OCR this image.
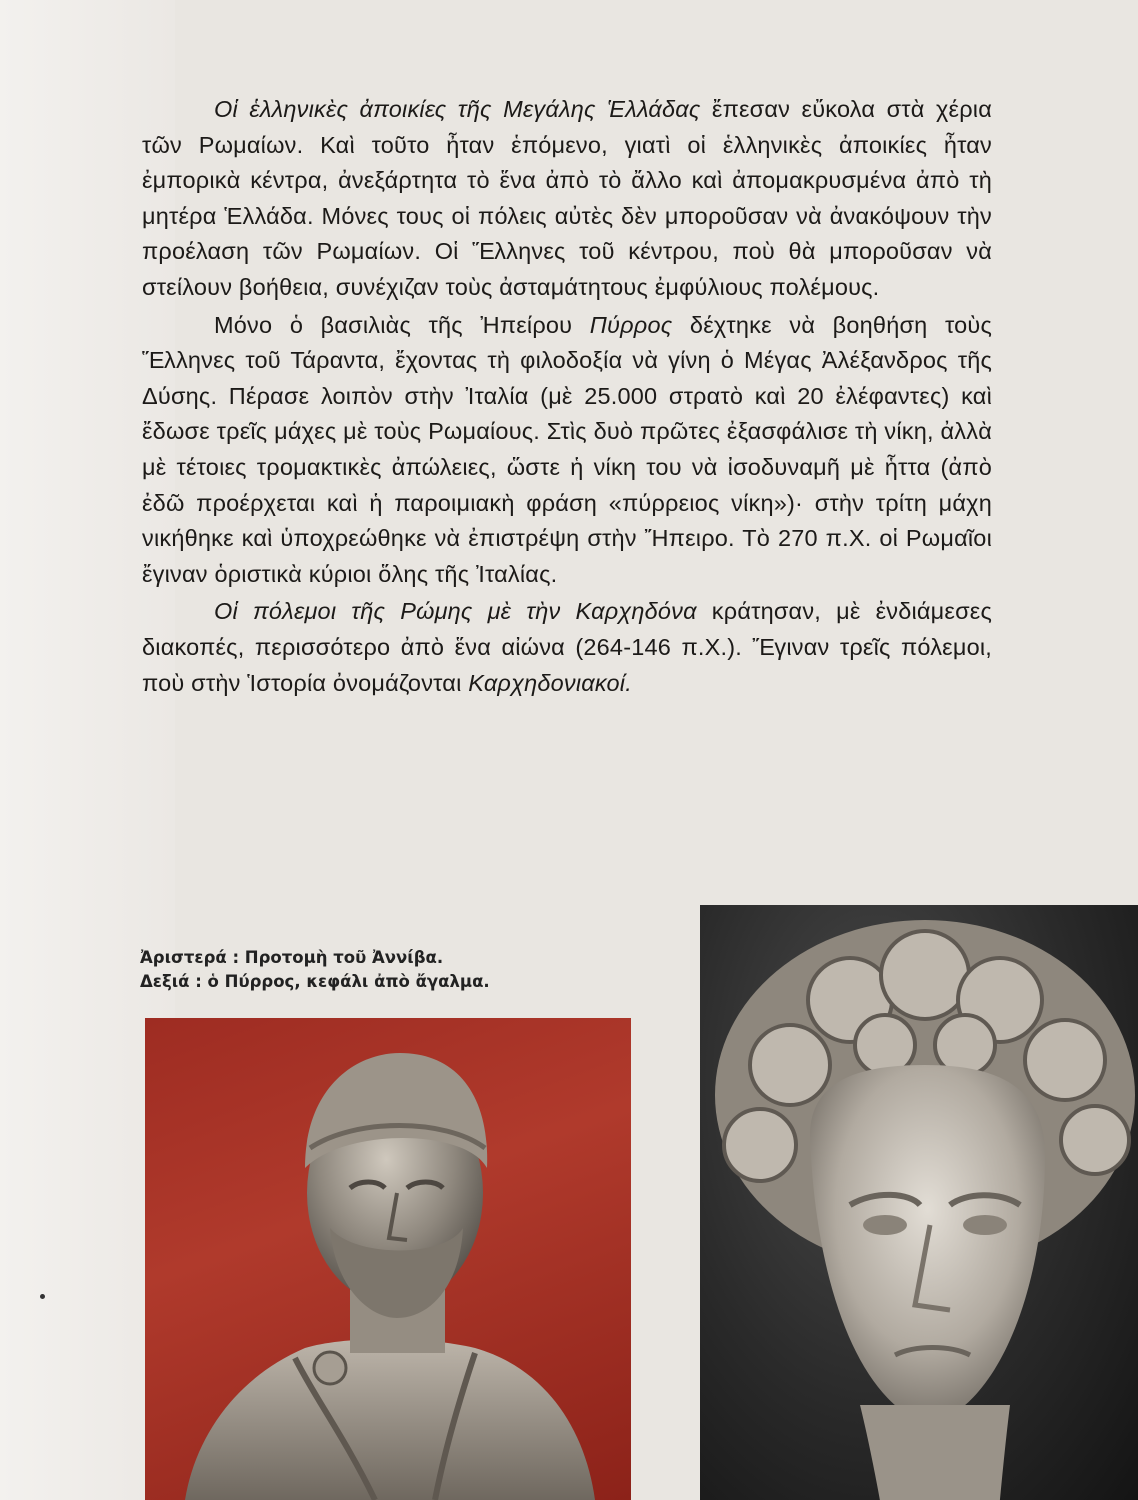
Οἱ ἑλληνικὲς ἀποικίες τῆς Μεγάλης Ἑλλάδας ἔπεσαν εὔκολα στὰ χέρια τῶν Ρωμαίων. Καὶ τοῦτο ἦταν ἑπόμενο, γιατὶ οἱ ἑλληνικὲς ἀποικίες ἦταν ἐμπορικὰ κέντρα, ἀνεξάρτητα τὸ ἕνα ἀπὸ τὸ ἄλλο καὶ ἀπομακρυσμένα ἀπὸ τὴ μητέρα Ἑλλάδα. Μόνες τους οἱ πόλεις αὐτὲς δὲν μποροῦσαν νὰ ἀνακόψουν τὴν προέλαση τῶν Ρωμαίων. Οἱ Ἕλληνες τοῦ κέντρου, ποὺ θὰ μποροῦσαν νὰ στείλουν βοήθεια, συνέχιζαν τοὺς ἀσταμάτητους ἐμφύλιους πολέμους.

Μόνο ὁ βασιλιὰς τῆς Ἠπείρου Πύρρος δέχτηκε νὰ βοηθήση τοὺς Ἕλληνες τοῦ Τάραντα, ἔχοντας τὴ φιλοδοξία νὰ γίνη ὁ Μέγας Ἀλέξανδρος τῆς Δύσης. Πέρασε λοιπὸν στὴν Ἰταλία (μὲ 25.000 στρατὸ καὶ 20 ἐλέφαντες) καὶ ἔδωσε τρεῖς μάχες μὲ τοὺς Ρωμαίους. Στὶς δυὸ πρῶτες ἐξασφάλισε τὴ νίκη, ἀλλὰ μὲ τέτοιες τρομακτικὲς ἀπώλειες, ὥστε ἡ νίκη του νὰ ἰσοδυναμῆ μὲ ἧττα (ἀπὸ ἐδῶ προέρχεται καὶ ἡ παροιμιακὴ φράση «πύρρειος νίκη»)· στὴν τρίτη μάχη νικήθηκε καὶ ὑποχρεώθηκε νὰ ἐπιστρέψη στὴν Ἤπειρο. Τὸ 270 π.Χ. οἱ Ρωμαῖοι ἔγιναν ὁριστικὰ κύριοι ὅλης τῆς Ἰταλίας.

Οἱ πόλεμοι τῆς Ρώμης μὲ τὴν Καρχηδόνα κράτησαν, μὲ ἐνδιάμεσες διακοπές, περισσότερο ἀπὸ ἕνα αἰώνα (264-146 π.Χ.). Ἔγιναν τρεῖς πόλεμοι, ποὺ στὴν Ἱστορία ὀνομάζονται Καρχηδονιακοί.

Ἀριστερά : Προτομὴ τοῦ Ἀννίβα.
Δεξιά : ὁ Πύρρος, κεφάλι ἀπὸ ἄγαλμα.
